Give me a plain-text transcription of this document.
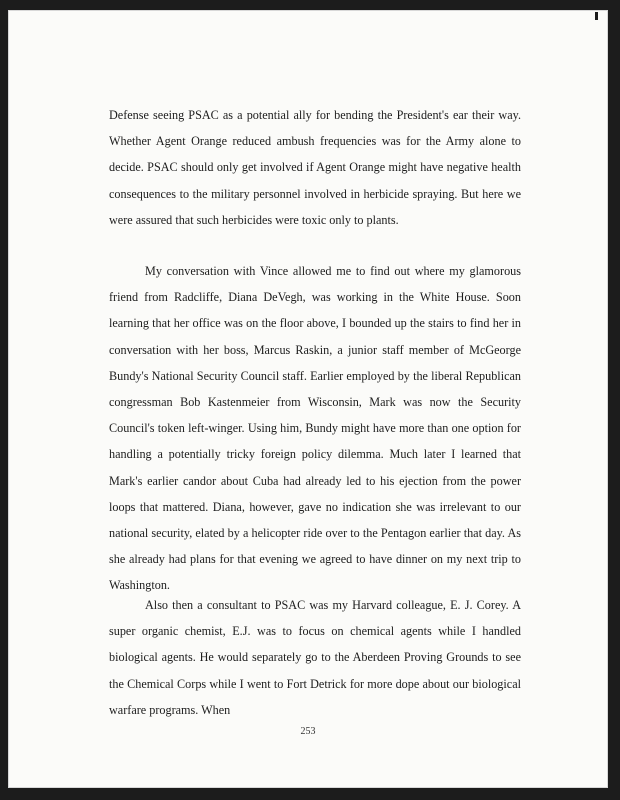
Defense seeing PSAC as a potential ally for bending the President's ear their way. Whether Agent Orange reduced ambush frequencies was for the Army alone to decide. PSAC should only get involved if Agent Orange might have negative health consequences to the military personnel involved in herbicide spraying. But here we were assured that such herbicides were toxic only to plants.

My conversation with Vince allowed me to find out where my glamorous friend from Radcliffe, Diana DeVegh, was working in the White House. Soon learning that her office was on the floor above, I bounded up the stairs to find her in conversation with her boss, Marcus Raskin, a junior staff member of McGeorge Bundy's National Security Council staff. Earlier employed by the liberal Republican congressman Bob Kastenmeier from Wisconsin, Mark was now the Security Council's token left-winger. Using him, Bundy might have more than one option for handling a potentially tricky foreign policy dilemma. Much later I learned that Mark's earlier candor about Cuba had already led to his ejection from the power loops that mattered. Diana, however, gave no indication she was irrelevant to our national security, elated by a helicopter ride over to the Pentagon earlier that day. As she already had plans for that evening we agreed to have dinner on my next trip to Washington.

Also then a consultant to PSAC was my Harvard colleague, E. J. Corey. A super organic chemist, E.J. was to focus on chemical agents while I handled biological agents. He would separately go to the Aberdeen Proving Grounds to see the Chemical Corps while I went to Fort Detrick for more dope about our biological warfare programs. When

253
